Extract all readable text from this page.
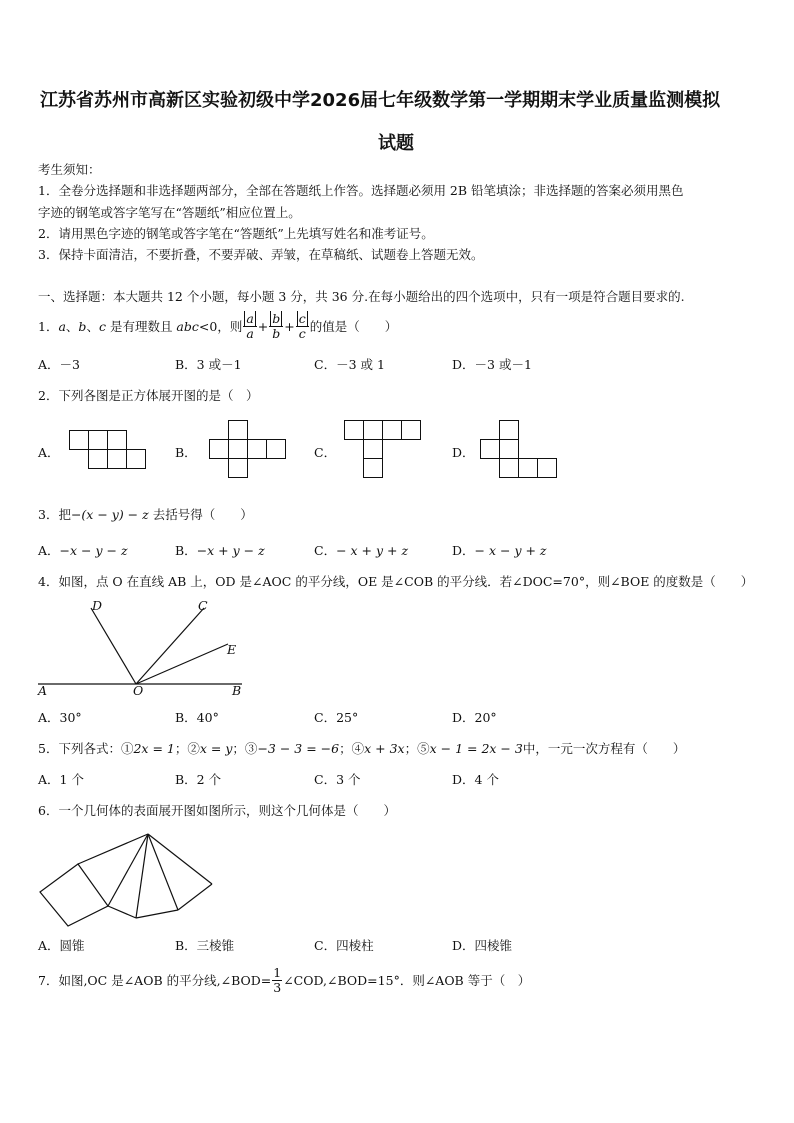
江苏省苏州市高新区实验初级中学2026届七年级数学第一学期期末学业质量监测模拟
试题
考生须知：
1．全卷分选择题和非选择题两部分，全部在答题纸上作答。选择题必须用 2B 铅笔填涂；非选择题的答案必须用黑色
字迹的钢笔或答字笔写在“答题纸”相应位置上。
2．请用黑色字迹的钢笔或答字笔在“答题纸”上先填写姓名和准考证号。
3．保持卡面清洁，不要折叠，不要弄破、弄皱，在草稿纸、试题卷上答题无效。
一、选择题：本大题共 12 个小题，每小题 3 分，共 36 分.在每小题给出的四个选项中，只有一项是符合题目要求的.
1． a 、 b 、 c 是有理数且 abc <0，则 $\frac{a}{a} + \frac{b}{b} + \frac{c}{c}$ 的值是（　　）
A．－3	B．3 或－1	C．－3 或 1	D．－3 或－1
2．下列各图是正方体展开图的是（　）
A．	B．	C．	D．
3．把−(x − y) − z 去括号得（　　）
A．−x − y − z	B．−x + y − z	C．− x + y + z	D．− x − y + z
4．如图，点 O 在直线 AB 上，OD 是∠AOC 的平分线，OE 是∠COB 的平分线．若∠DOC=70°，则∠BOE 的度数是（　　）
D	C
E
A	O	B
A．30°	B．40°	C．25°	D．20°
5．下列各式：①2x = 1；②x = y；③−3 − 3 = −6；④x + 3x；⑤x − 1 = 2x − 3中，一元一次方程有（　　）
A．1 个	B．2 个	C．3 个	D．4 个
6．一个几何体的表面展开图如图所示，则这个几何体是（　　）
A．圆锥	B．三棱锥	C．四棱柱	D．四棱锥
7．如图,OC 是∠AOB 的平分线,∠BOD= $\frac{1}{3}$ ∠COD,∠BOD=15°．则∠AOB 等于（　）
